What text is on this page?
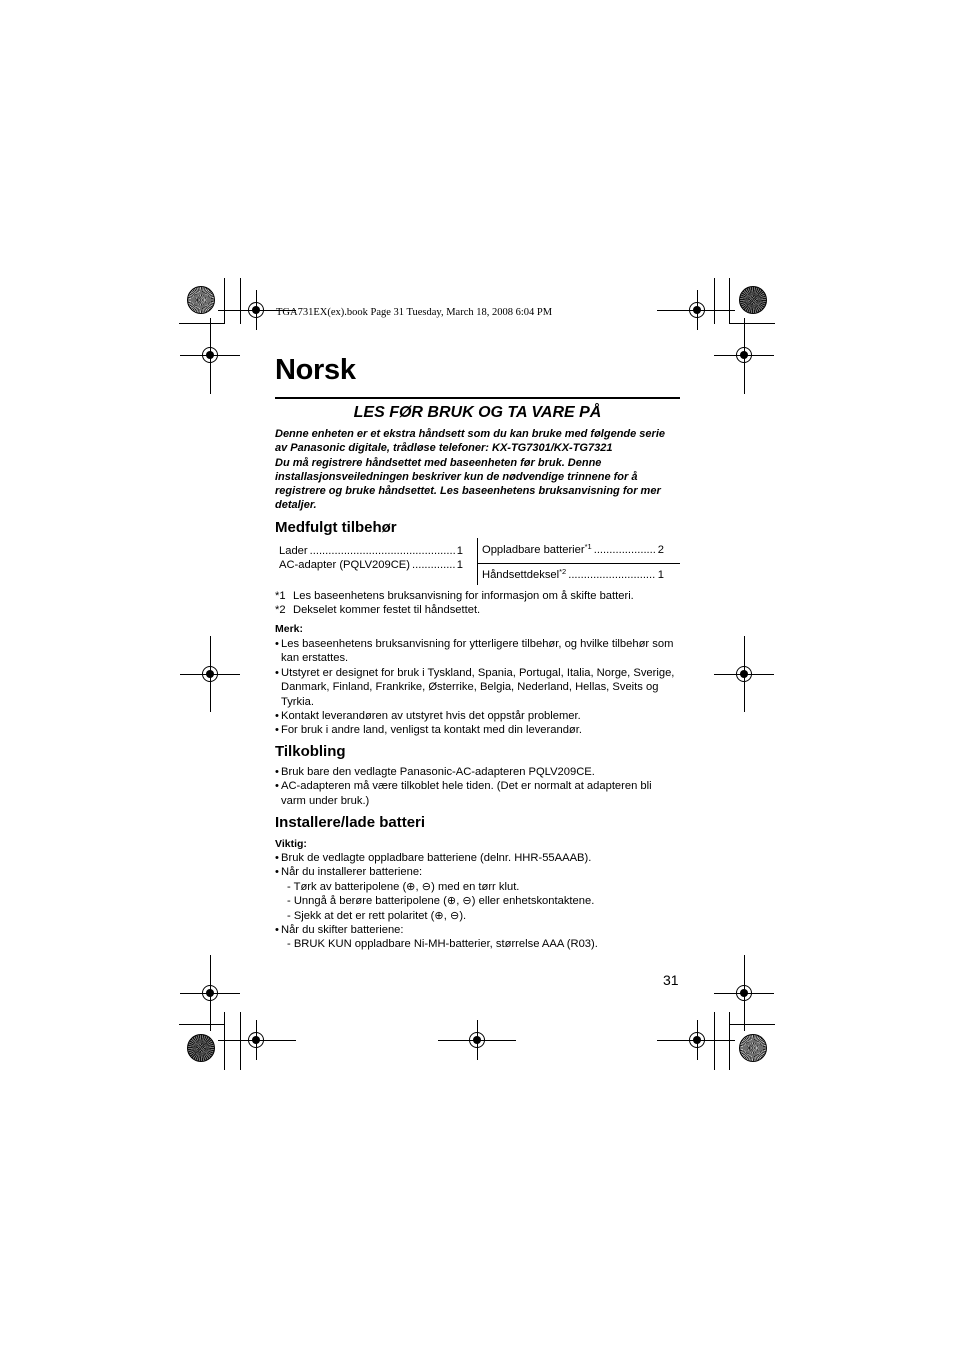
TGA731EX(ex).book Page 31 Tuesday, March 18, 2008 6:04 PM
Norsk
LES FØR BRUK OG TA VARE PÅ
Denne enheten er et ekstra håndsett som du kan bruke med følgende serie
av Panasonic digitale, trådløse telefoner: KX-TG7301/KX-TG7321
Du må registrere håndsettet med baseenheten før bruk. Denne
installasjonsveiledningen beskriver kun de nødvendige trinnene for å
registrere og bruke håndsettet. Les baseenhetens bruksanvisning for mer
detaljer.
Medfulgt tilbehør
Lader .....	1
AC-adapter (PQLV209CE) .....	1
Oppladbare batterier$^{*1}$ .....	2
Håndsettdeksel$^{*2}$ .....	1
*1 Les baseenhetens bruksanvisning for informasjon om å skifte batteri.
*2 Dekselet kommer festet til håndsettet.
Merk:
• Les baseenhetens bruksanvisning for ytterligere tilbehør, og hvilke tilbehør som
kan erstattes.
• Utstyret er designet for bruk i Tyskland, Spania, Portugal, Italia, Norge, Sverige,
Danmark, Finland, Frankrike, Østerrike, Belgia, Nederland, Hellas, Sveits og
Tyrkia.
• Kontakt leverandøren av utstyret hvis det oppstår problemer.
• For bruk i andre land, venligst ta kontakt med din leverandør.
Tilkobling
• Bruk bare den vedlagte Panasonic-AC-adapteren PQLV209CE.
• AC-adapteren må være tilkoblet hele tiden. (Det er normalt at adapteren bli
varm under bruk.)
Installere/lade batteri
Viktig:
• Bruk de vedlagte oppladbare batteriene (delnr. HHR-55AAAB).
• Når du installerer batteriene:
- Tørk av batteripolene (⊕, ⊖) med en tørr klut.
- Unngå å berøre batteripolene (⊕, ⊖) eller enhetskontaktene.
- Sjekk at det er rett polaritet (⊕, ⊖).
• Når du skifter batteriene:
- BRUK KUN oppladbare Ni-MH-batterier, størrelse AAA (R03).
31
